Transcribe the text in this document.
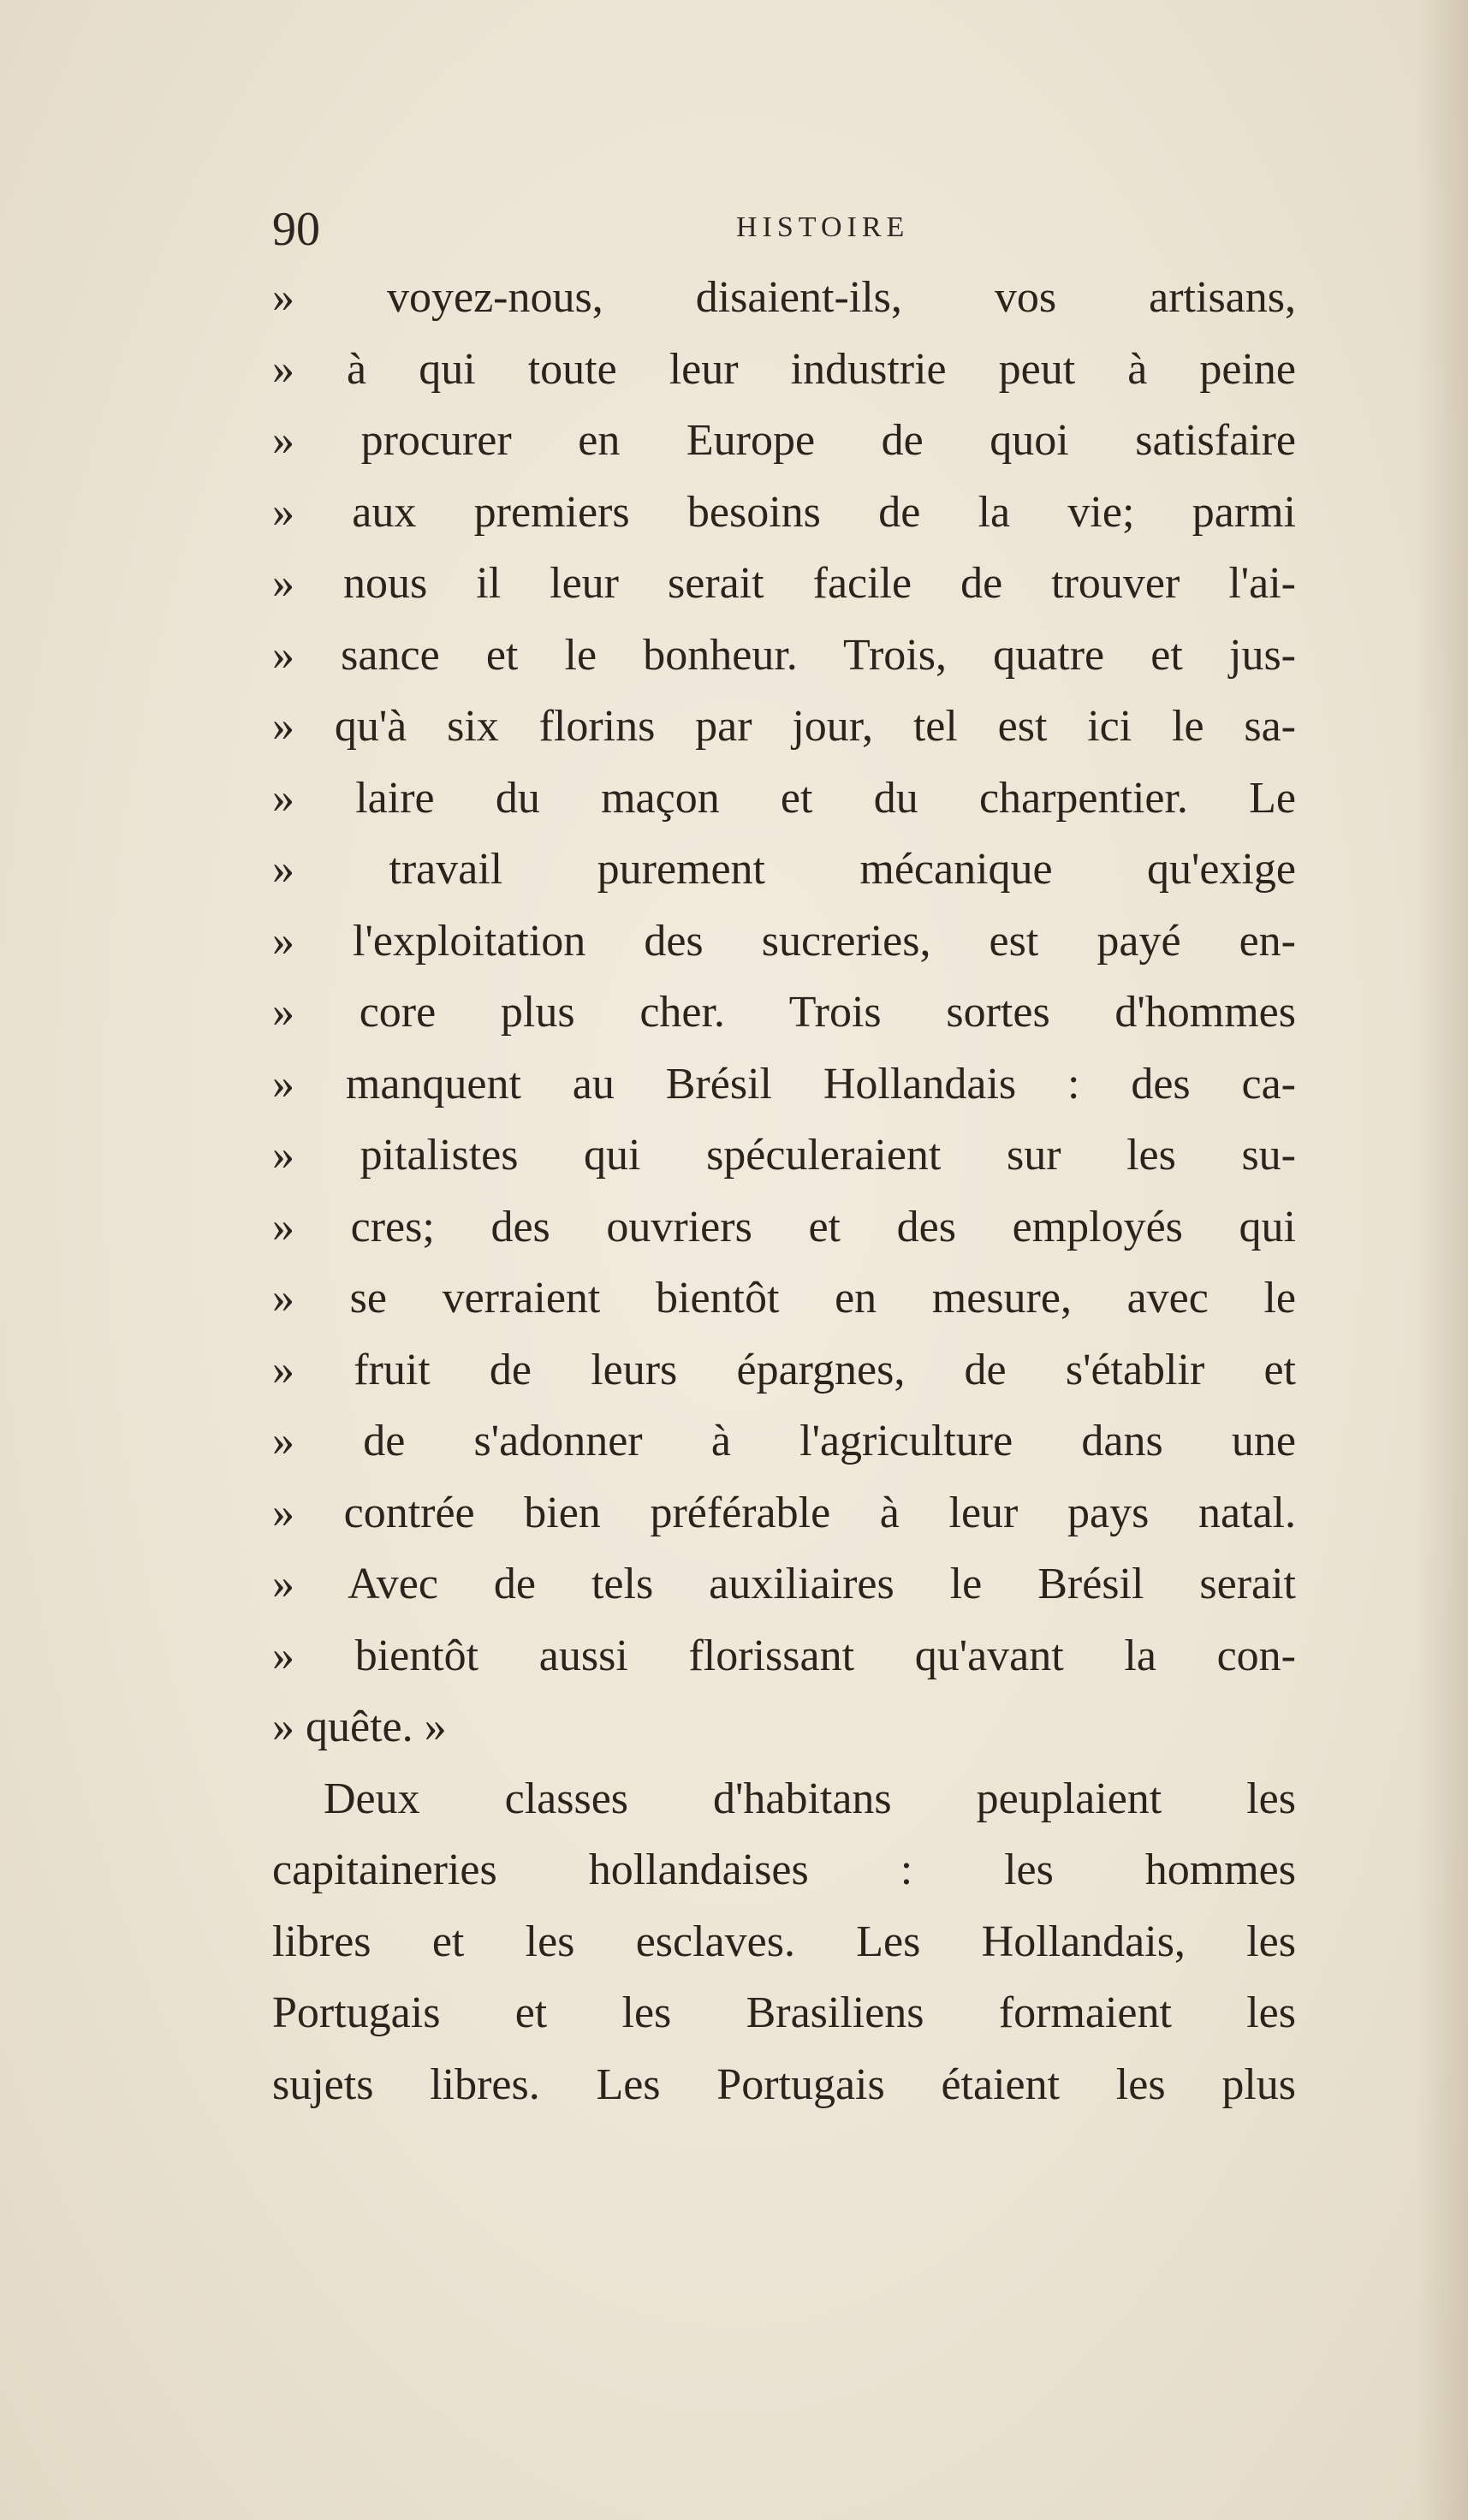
90	HISTOIRE
» voyez-nous, disaient-ils, vos artisans,
» à qui toute leur industrie peut à peine
» procurer en Europe de quoi satisfaire
» aux premiers besoins de la vie; parmi
» nous il leur serait facile de trouver l'ai-
» sance et le bonheur. Trois, quatre et jus-
» qu'à six florins par jour, tel est ici le sa-
» laire du maçon et du charpentier. Le
» travail purement mécanique qu'exige
» l'exploitation des sucreries, est payé en-
» core plus cher. Trois sortes d'hommes
» manquent au Brésil Hollandais : des ca-
» pitalistes qui spéculeraient sur les su-
» cres; des ouvriers et des employés qui
» se verraient bientôt en mesure, avec le
» fruit de leurs épargnes, de s'établir et
» de s'adonner à l'agriculture dans une
» contrée bien préférable à leur pays natal.
» Avec de tels auxiliaires le Brésil serait
» bientôt aussi florissant qu'avant la con-
» quête. »
Deux classes d'habitans peuplaient les
capitaineries hollandaises : les hommes
libres et les esclaves. Les Hollandais, les
Portugais et les Brasiliens formaient les
sujets libres. Les Portugais étaient les plus
